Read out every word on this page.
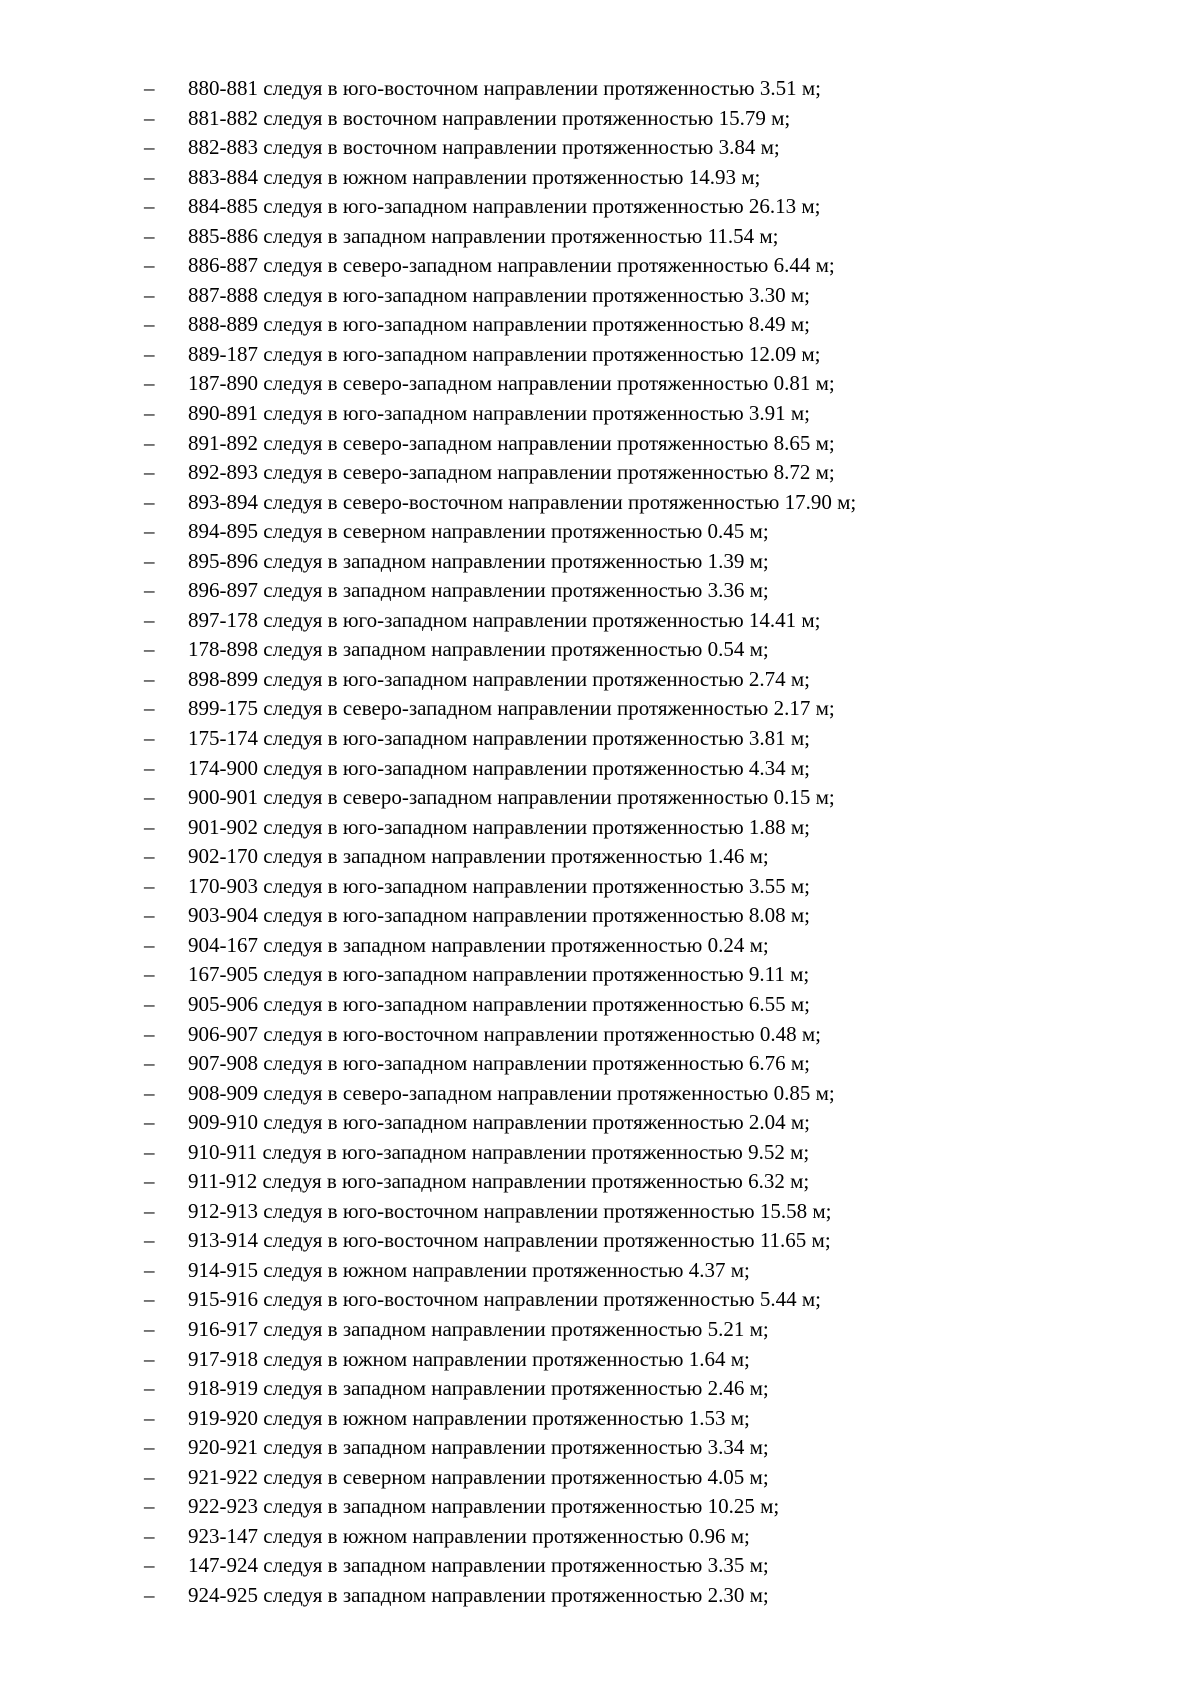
– 880-881 следуя в юго-восточном направлении протяженностью 3.51 м;
– 881-882 следуя в восточном направлении протяженностью 15.79 м;
– 882-883 следуя в восточном направлении протяженностью 3.84 м;
– 883-884 следуя в южном направлении протяженностью 14.93 м;
– 884-885 следуя в юго-западном направлении протяженностью 26.13 м;
– 885-886 следуя в западном направлении протяженностью 11.54 м;
– 886-887 следуя в северо-западном направлении протяженностью 6.44 м;
– 887-888 следуя в юго-западном направлении протяженностью 3.30 м;
– 888-889 следуя в юго-западном направлении протяженностью 8.49 м;
– 889-187 следуя в юго-западном направлении протяженностью 12.09 м;
– 187-890 следуя в северо-западном направлении протяженностью 0.81 м;
– 890-891 следуя в юго-западном направлении протяженностью 3.91 м;
– 891-892 следуя в северо-западном направлении протяженностью 8.65 м;
– 892-893 следуя в северо-западном направлении протяженностью 8.72 м;
– 893-894 следуя в северо-восточном направлении протяженностью 17.90 м;
– 894-895 следуя в северном направлении протяженностью 0.45 м;
– 895-896 следуя в западном направлении протяженностью 1.39 м;
– 896-897 следуя в западном направлении протяженностью 3.36 м;
– 897-178 следуя в юго-западном направлении протяженностью 14.41 м;
– 178-898 следуя в западном направлении протяженностью 0.54 м;
– 898-899 следуя в юго-западном направлении протяженностью 2.74 м;
– 899-175 следуя в северо-западном направлении протяженностью 2.17 м;
– 175-174 следуя в юго-западном направлении протяженностью 3.81 м;
– 174-900 следуя в юго-западном направлении протяженностью 4.34 м;
– 900-901 следуя в северо-западном направлении протяженностью 0.15 м;
– 901-902 следуя в юго-западном направлении протяженностью 1.88 м;
– 902-170 следуя в западном направлении протяженностью 1.46 м;
– 170-903 следуя в юго-западном направлении протяженностью 3.55 м;
– 903-904 следуя в юго-западном направлении протяженностью 8.08 м;
– 904-167 следуя в западном направлении протяженностью 0.24 м;
– 167-905 следуя в юго-западном направлении протяженностью 9.11 м;
– 905-906 следуя в юго-западном направлении протяженностью 6.55 м;
– 906-907 следуя в юго-восточном направлении протяженностью 0.48 м;
– 907-908 следуя в юго-западном направлении протяженностью 6.76 м;
– 908-909 следуя в северо-западном направлении протяженностью 0.85 м;
– 909-910 следуя в юго-западном направлении протяженностью 2.04 м;
– 910-911 следуя в юго-западном направлении протяженностью 9.52 м;
– 911-912 следуя в юго-западном направлении протяженностью 6.32 м;
– 912-913 следуя в юго-восточном направлении протяженностью 15.58 м;
– 913-914 следуя в юго-восточном направлении протяженностью 11.65 м;
– 914-915 следуя в южном направлении протяженностью 4.37 м;
– 915-916 следуя в юго-восточном направлении протяженностью 5.44 м;
– 916-917 следуя в западном направлении протяженностью 5.21 м;
– 917-918 следуя в южном направлении протяженностью 1.64 м;
– 918-919 следуя в западном направлении протяженностью 2.46 м;
– 919-920 следуя в южном направлении протяженностью 1.53 м;
– 920-921 следуя в западном направлении протяженностью 3.34 м;
– 921-922 следуя в северном направлении протяженностью 4.05 м;
– 922-923 следуя в западном направлении протяженностью 10.25 м;
– 923-147 следуя в южном направлении протяженностью 0.96 м;
– 147-924 следуя в западном направлении протяженностью 3.35 м;
– 924-925 следуя в западном направлении протяженностью 2.30 м;
